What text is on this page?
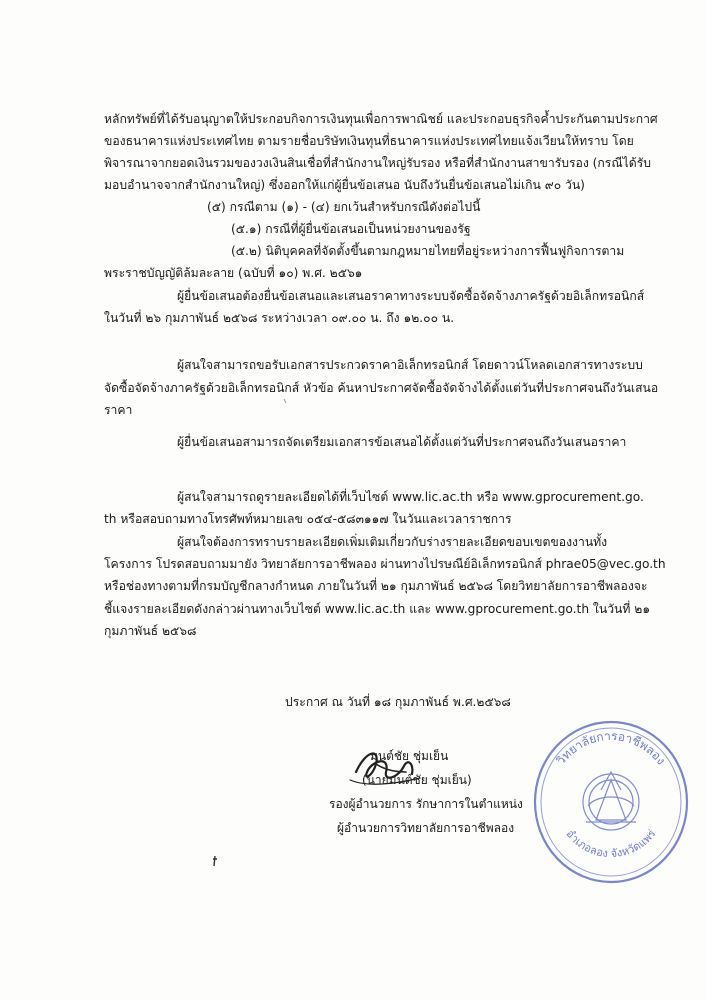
หลักทรัพย์ที่ได้รับอนุญาตให้ประกอบกิจการเงินทุนเพื่อการพาณิชย์ และประกอบธุรกิจค้ำประกันตามประกาศ
ของธนาคารแห่งประเทศไทย ตามรายชื่อบริษัทเงินทุนที่ธนาคารแห่งประเทศไทยแจ้งเวียนให้ทราบ โดย
พิจารณาจากยอดเงินรวมของวงเงินสินเชื่อที่สำนักงานใหญ่รับรอง หรือที่สำนักงานสาขารับรอง (กรณีได้รับ
มอบอำนาจจากสำนักงานใหญ่) ซึ่งออกให้แก่ผู้ยื่นข้อเสนอ นับถึงวันยื่นข้อเสนอไม่เกิน ๙๐ วัน)
(๕) กรณีตาม (๑) - (๔) ยกเว้นสำหรับกรณีดังต่อไปนี้
(๕.๑) กรณีที่ผู้ยื่นข้อเสนอเป็นหน่วยงานของรัฐ
(๕.๒) นิติบุคคลที่จัดตั้งขึ้นตามกฎหมายไทยที่อยู่ระหว่างการฟื้นฟูกิจการตาม
พระราชบัญญัติล้มละลาย (ฉบับที่ ๑๐) พ.ศ. ๒๕๖๑
ผู้ยื่นข้อเสนอต้องยื่นข้อเสนอและเสนอราคาทางระบบจัดซื้อจัดจ้างภาครัฐด้วยอิเล็กทรอนิกส์
ในวันที่ ๒๖ กุมภาพันธ์ ๒๕๖๘ ระหว่างเวลา ๐๙.๐๐ น. ถึง ๑๒.๐๐ น.
ผู้สนใจสามารถขอรับเอกสารประกวดราคาอิเล็กทรอนิกส์ โดยดาวน์โหลดเอกสารทางระบบ
จัดซื้อจัดจ้างภาครัฐด้วยอิเล็กทรอนิกส์ หัวข้อ ค้นหาประกาศจัดซื้อจัดจ้างได้ตั้งแต่วันที่ประกาศจนถึงวันเสนอ
ราคา
ผู้ยื่นข้อเสนอสามารถจัดเตรียมเอกสารข้อเสนอได้ตั้งแต่วันที่ประกาศจนถึงวันเสนอราคา
ผู้สนใจสามารถดูรายละเอียดได้ที่เว็บไซต์ www.lic.ac.th หรือ www.gprocurement.go.
th หรือสอบถามทางโทรศัพท์หมายเลข ๐๕๔-๕๘๓๑๑๗ ในวันและเวลาราชการ
ผู้สนใจต้องการทราบรายละเอียดเพิ่มเติมเกี่ยวกับร่างรายละเอียดขอบเขตของงานทั้ง
โครงการ โปรดสอบถามมายัง วิทยาลัยการอาชีพลอง ผ่านทางไปรษณีย์อิเล็กทรอนิกส์ phrae05@vec.go.th
หรือช่องทางตามที่กรมบัญชีกลางกำหนด ภายในวันที่ ๒๑ กุมภาพันธ์ ๒๕๖๘ โดยวิทยาลัยการอาชีพลองจะ
ชี้แจงรายละเอียดดังกล่าวผ่านทางเว็บไซต์ www.lic.ac.th และ www.gprocurement.go.th ในวันที่ ๒๑
กุมภาพันธ์ ๒๕๖๘
ประกาศ ณ วันที่ ๑๘ กุมภาพันธ์ พ.ศ.๒๕๖๘
มนต์ชัย ชุ่มเย็น
(นายมนต์ชัย ชุ่มเย็น)
รองผู้อำนวยการ รักษาการในตำแหน่ง
ผู้อำนวยการวิทยาลัยการอาชีพลอง
วิทยาลัยการอาชีพลอง
อำเภอลอง จังหวัดแพร่
